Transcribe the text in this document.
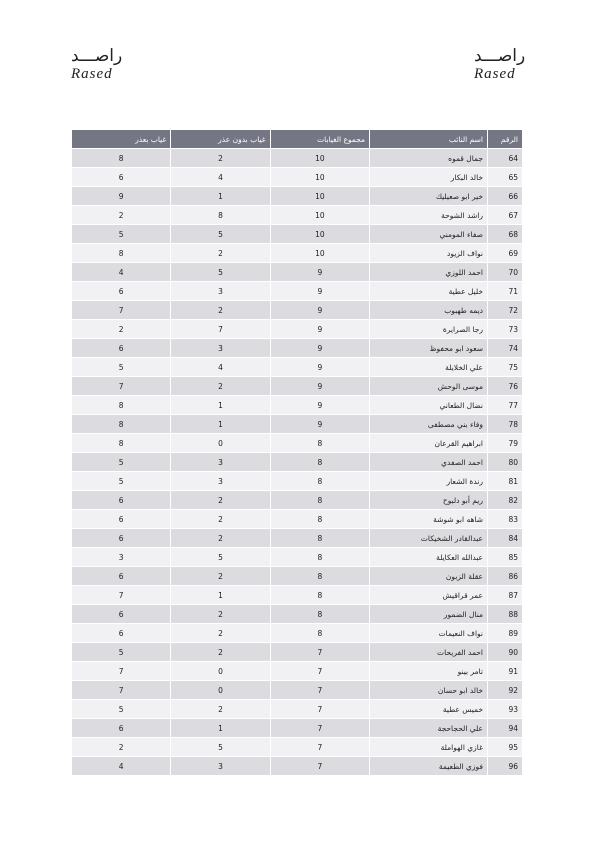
راصـــد
Rased
راصـــد
Rased
الرقم	اسم النائب	مجموع الغيابات	غياب بدون عذر	غياب بعذر
64	جمال قموه	10	2	8
65	خالد البكار	10	4	6
66	خير ابو صعيليك	10	1	9
67	راشد الشوحة	10	8	2
68	صفاء المومني	10	5	5
69	نواف الزيود	10	2	8
70	احمد اللوزي	9	5	4
71	خليل عطية	9	3	6
72	ديمه طهبوب	9	2	7
73	رجا الصرايرة	9	7	2
74	سعود ابو محفوظ	9	3	6
75	علي الخلايلة	9	4	5
76	موسى الوحش	9	2	7
77	نضال الطعاني	9	1	8
78	وفاء بني مصطفى	9	1	8
79	ابراهيم القرعان	8	0	8
80	احمد الصفدي	8	3	5
81	رندة الشعار	8	3	5
82	ريم أبو دلبوح	8	2	6
83	شاهه ابو شوشة	8	2	6
84	عبدالقادر الشخيكات	8	2	6
85	عبدالله العكايلة	8	5	3
86	عقلة الزبون	8	2	6
87	عمر قراقيش	8	1	7
88	منال الضمور	8	2	6
89	نواف النعيمات	8	2	6
90	احمد الفريحات	7	2	5
91	تامر بينو	7	0	7
92	خالد ابو حسان	7	0	7
93	خميس عطية	7	2	5
94	علي الحجاحجة	7	1	6
95	غازي الهواملة	7	5	2
96	فوزي الطعيمة	7	3	4
